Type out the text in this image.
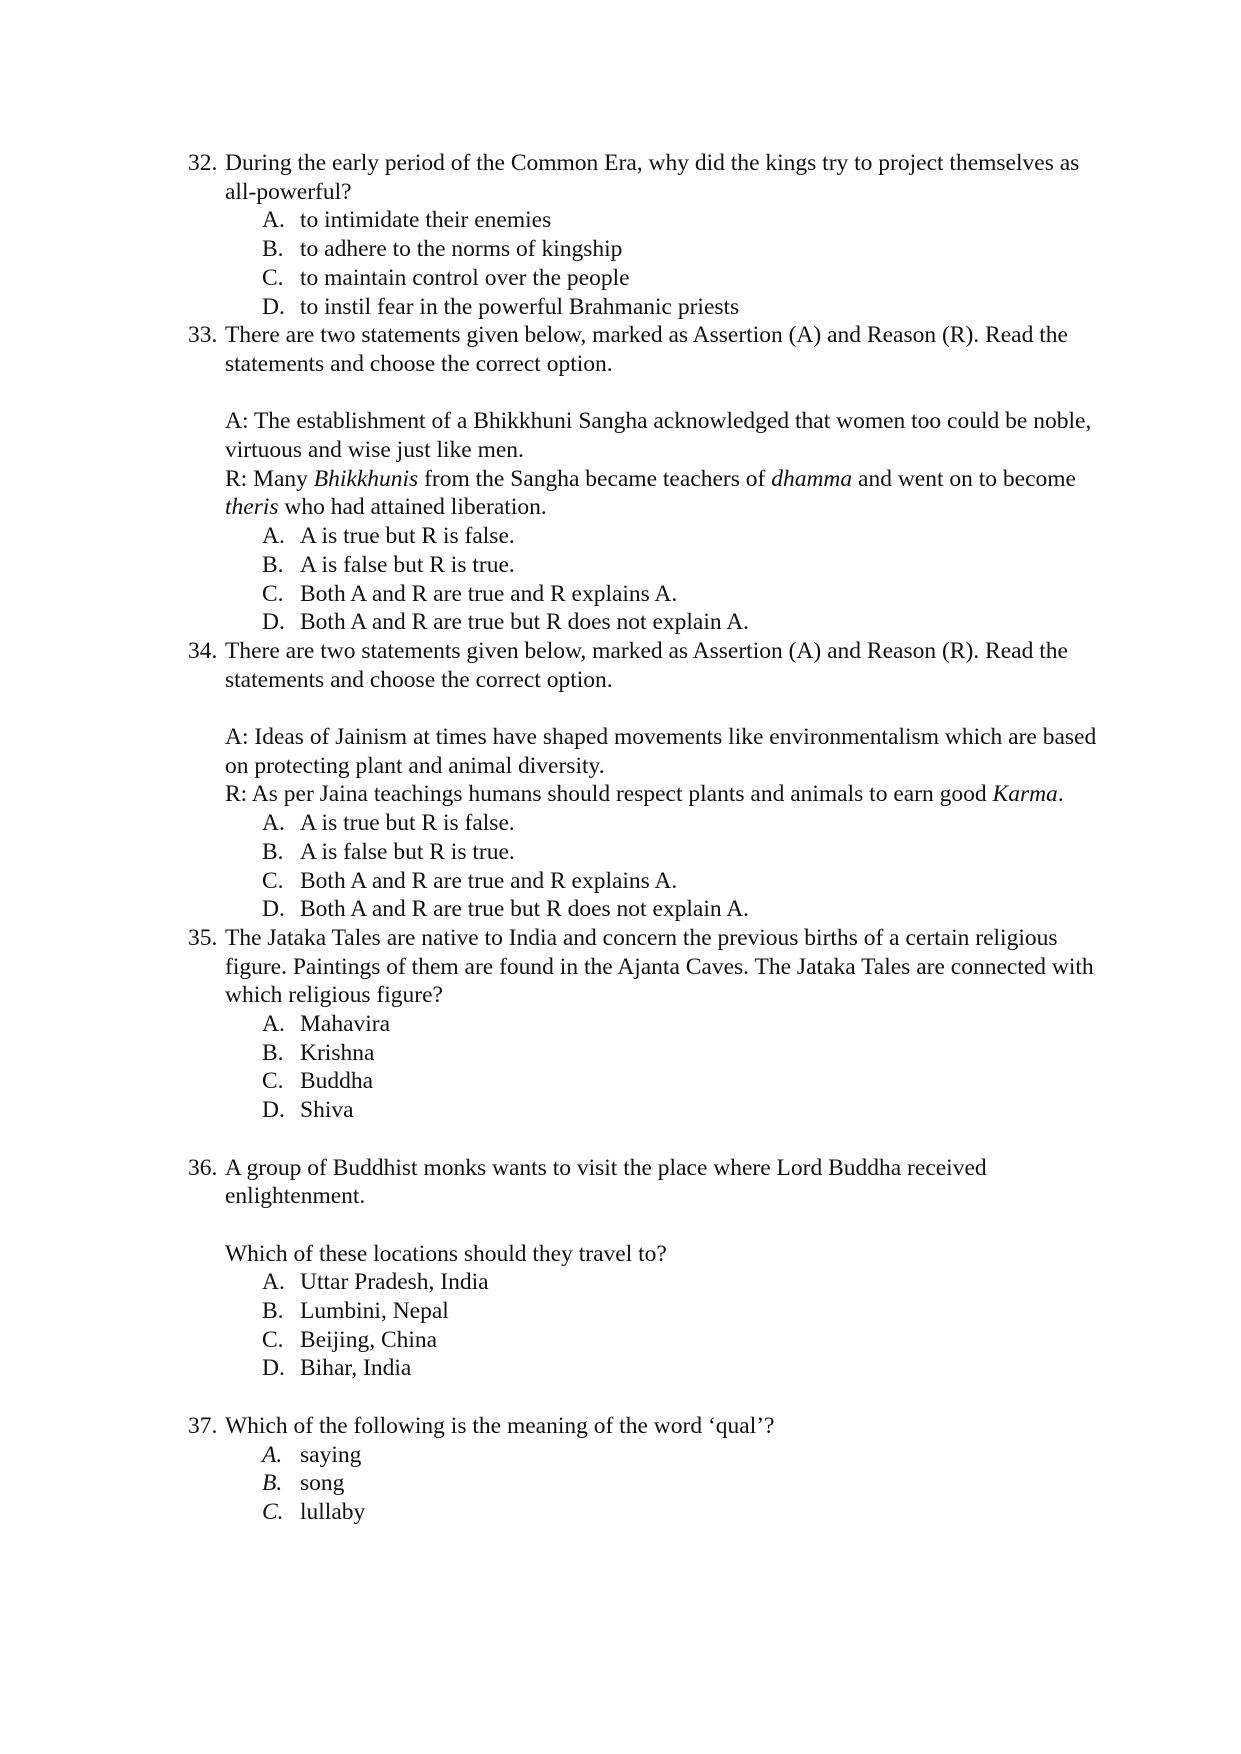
32. During the early period of the Common Era, why did the kings try to project themselves as all-powerful?

A. to intimidate their enemies
B. to adhere to the norms of kingship
C. to maintain control over the people
D. to instil fear in the powerful Brahmanic priests
33. There are two statements given below, marked as Assertion (A) and Reason (R). Read the statements and choose the correct option.

A: The establishment of a Bhikkhuni Sangha acknowledged that women too could be noble, virtuous and wise just like men.

R: Many Bhikkhunis from the Sangha became teachers of dhamma and went on to become theris who had attained liberation.

A. A is true but R is false.
B. A is false but R is true.
C. Both A and R are true and R explains A.
D. Both A and R are true but R does not explain A.
34. There are two statements given below, marked as Assertion (A) and Reason (R). Read the statements and choose the correct option.

A: Ideas of Jainism at times have shaped movements like environmentalism which are based on protecting plant and animal diversity.

R: As per Jaina teachings humans should respect plants and animals to earn good Karma.

A. A is true but R is false.
B. A is false but R is true.
C. Both A and R are true and R explains A.
D. Both A and R are true but R does not explain A.
35. The Jataka Tales are native to India and concern the previous births of a certain religious figure. Paintings of them are found in the Ajanta Caves. The Jataka Tales are connected with which religious figure?

A. Mahavira
B. Krishna
C. Buddha
D. Shiva
36. A group of Buddhist monks wants to visit the place where Lord Buddha received enlightenment.

Which of these locations should they travel to?

A. Uttar Pradesh, India
B. Lumbini, Nepal
C. Beijing, China
D. Bihar, India
37. Which of the following is the meaning of the word ‘qual’?

A. saying
B. song
C. lullaby
